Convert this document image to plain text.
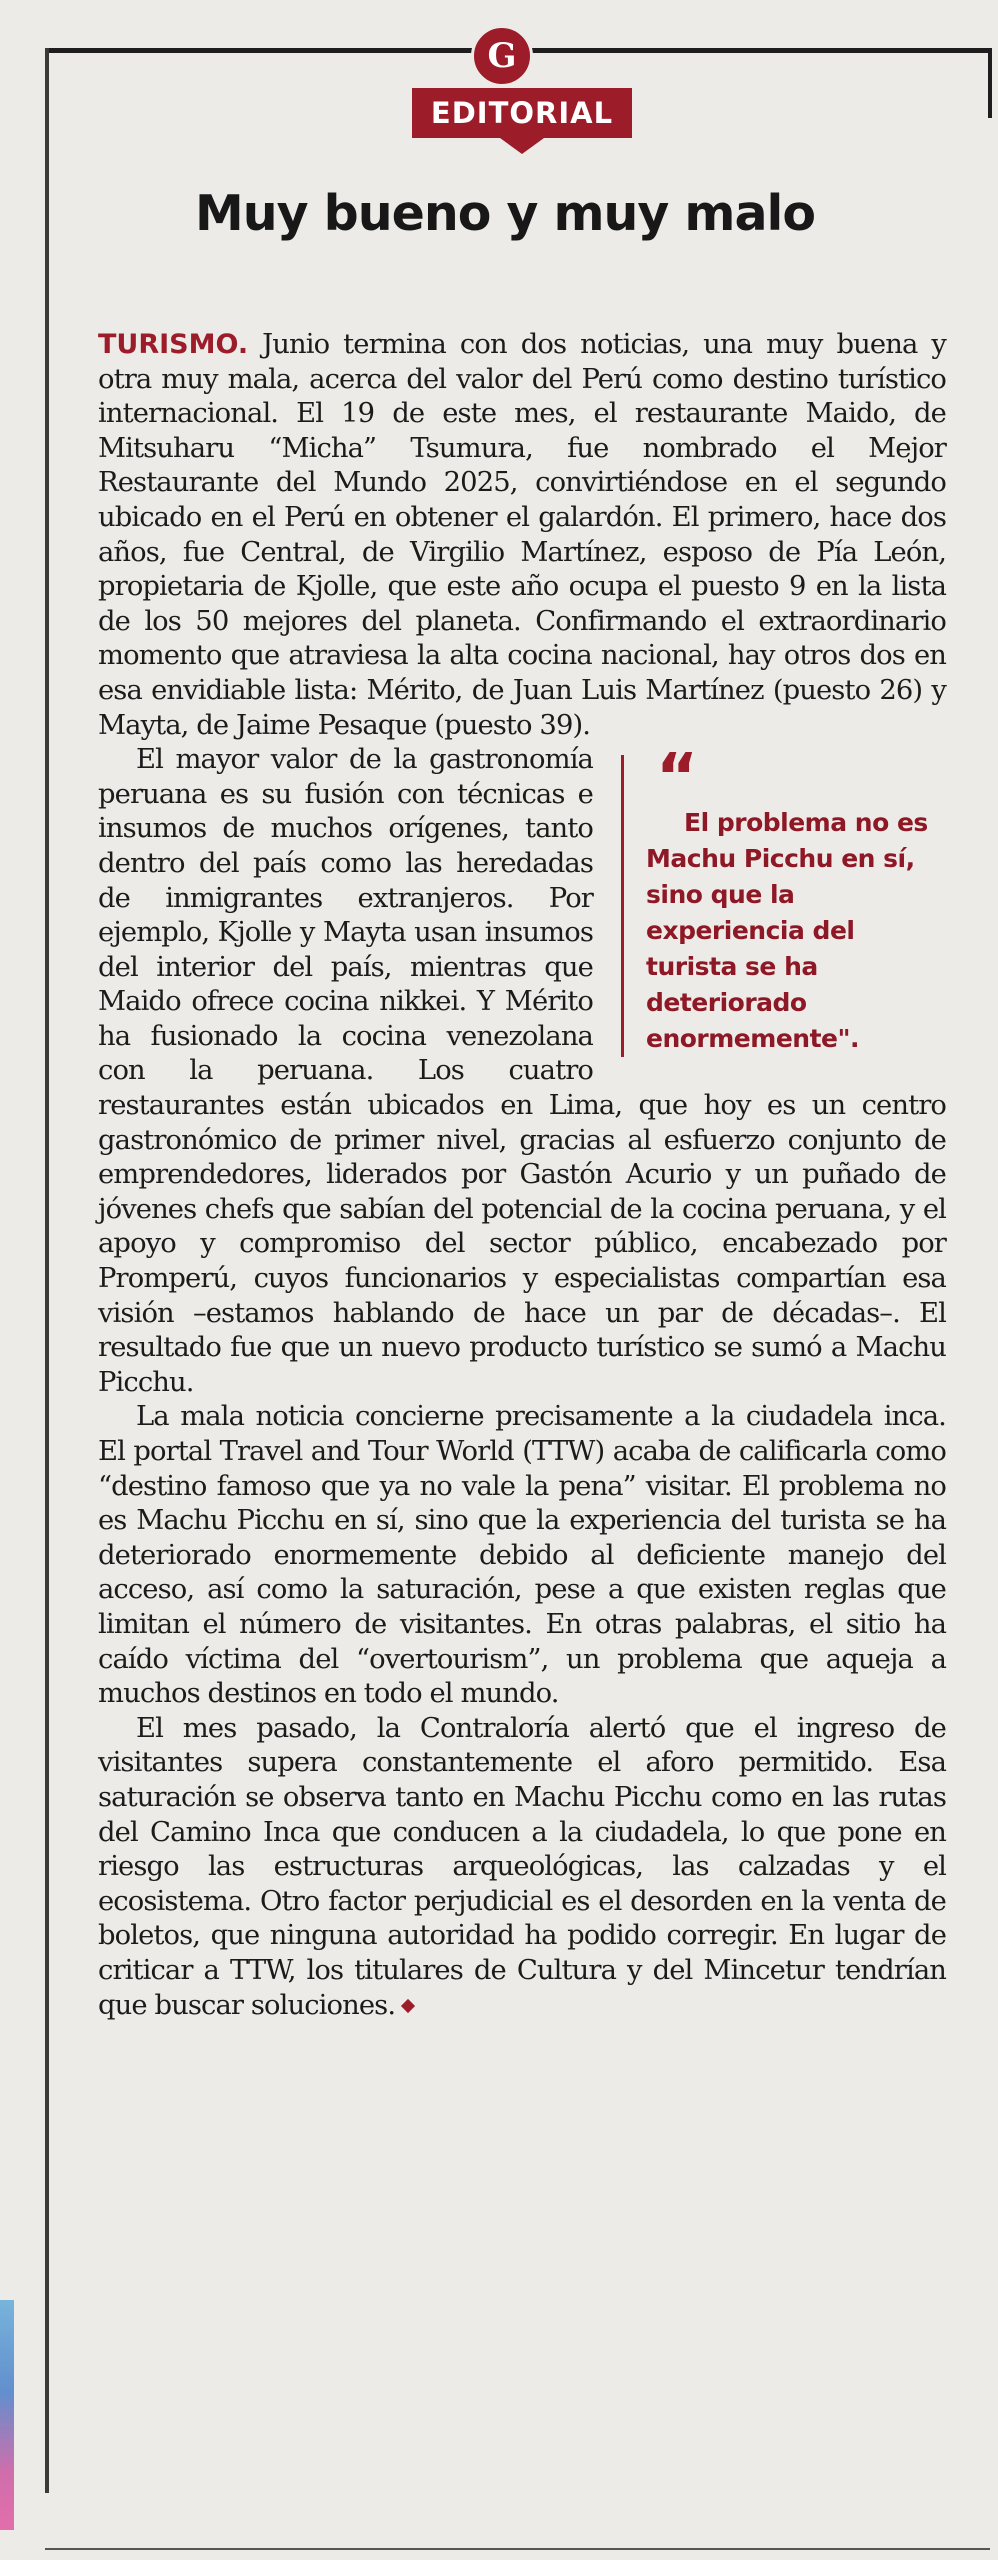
G
EDITORIAL
Muy bueno y muy malo

TURISMO. Junio termina con dos noticias, una muy buena y otra muy mala, acerca del valor del Perú como destino turístico internacional. El 19 de este mes, el restaurante Maido, de Mitsuharu “Micha” Tsumura, fue nombrado el Mejor Restaurante del Mundo 2025, convirtiéndose en el segundo ubicado en el Perú en obtener el galardón. El primero, hace dos años, fue Central, de Virgilio Martínez, esposo de Pía León, propietaria de Kjolle, que este año ocupa el puesto 9 en la lista de los 50 mejores del planeta. Confirmando el extraordinario momento que atraviesa la alta cocina nacional, hay otros dos en esa envidiable lista: Mérito, de Juan Luis Martínez (puesto 26) y Mayta, de Jaime Pesaque (puesto 39).

“
El problema no es Machu Picchu en sí, sino que la experiencia del turista se ha deteriorado enormemente".
El mayor valor de la gastronomía peruana es su fusión con técnicas e insumos de muchos orígenes, tanto dentro del país como las heredadas de inmigrantes extranjeros. Por ejemplo, Kjolle y Mayta usan insumos del interior del país, mientras que Maido ofrece cocina nikkei. Y Mérito ha fusionado la cocina venezolana con la peruana. Los cuatro restaurantes están ubicados en Lima, que hoy es un centro gastronómico de primer nivel, gracias al esfuerzo conjunto de emprendedores, liderados por Gastón Acurio y un puñado de jóvenes chefs que sabían del potencial de la cocina peruana, y el apoyo y compromiso del sector público, encabezado por Promperú, cuyos funcionarios y especialistas compartían esa visión –estamos hablando de hace un par de décadas–. El resultado fue que un nuevo producto turístico se sumó a Machu Picchu.

La mala noticia concierne precisamente a la ciudadela inca. El portal Travel and Tour World (TTW) acaba de calificarla como “destino famoso que ya no vale la pena” visitar. El problema no es Machu Picchu en sí, sino que la experiencia del turista se ha deteriorado enormemente debido al deficiente manejo del acceso, así como la saturación, pese a que existen reglas que limitan el número de visitantes. En otras palabras, el sitio ha caído víctima del “overtourism”, un problema que aqueja a muchos destinos en todo el mundo.

El mes pasado, la Contraloría alertó que el ingreso de visitantes supera constantemente el aforo permitido. Esa saturación se observa tanto en Machu Picchu como en las rutas del Camino Inca que conducen a la ciudadela, lo que pone en riesgo las estructuras arqueológicas, las calzadas y el ecosistema. Otro factor perjudicial es el desorden en la venta de boletos, que ninguna autoridad ha podido corregir. En lugar de criticar a TTW, los titulares de Cultura y del Mincetur tendrían que buscar soluciones.
